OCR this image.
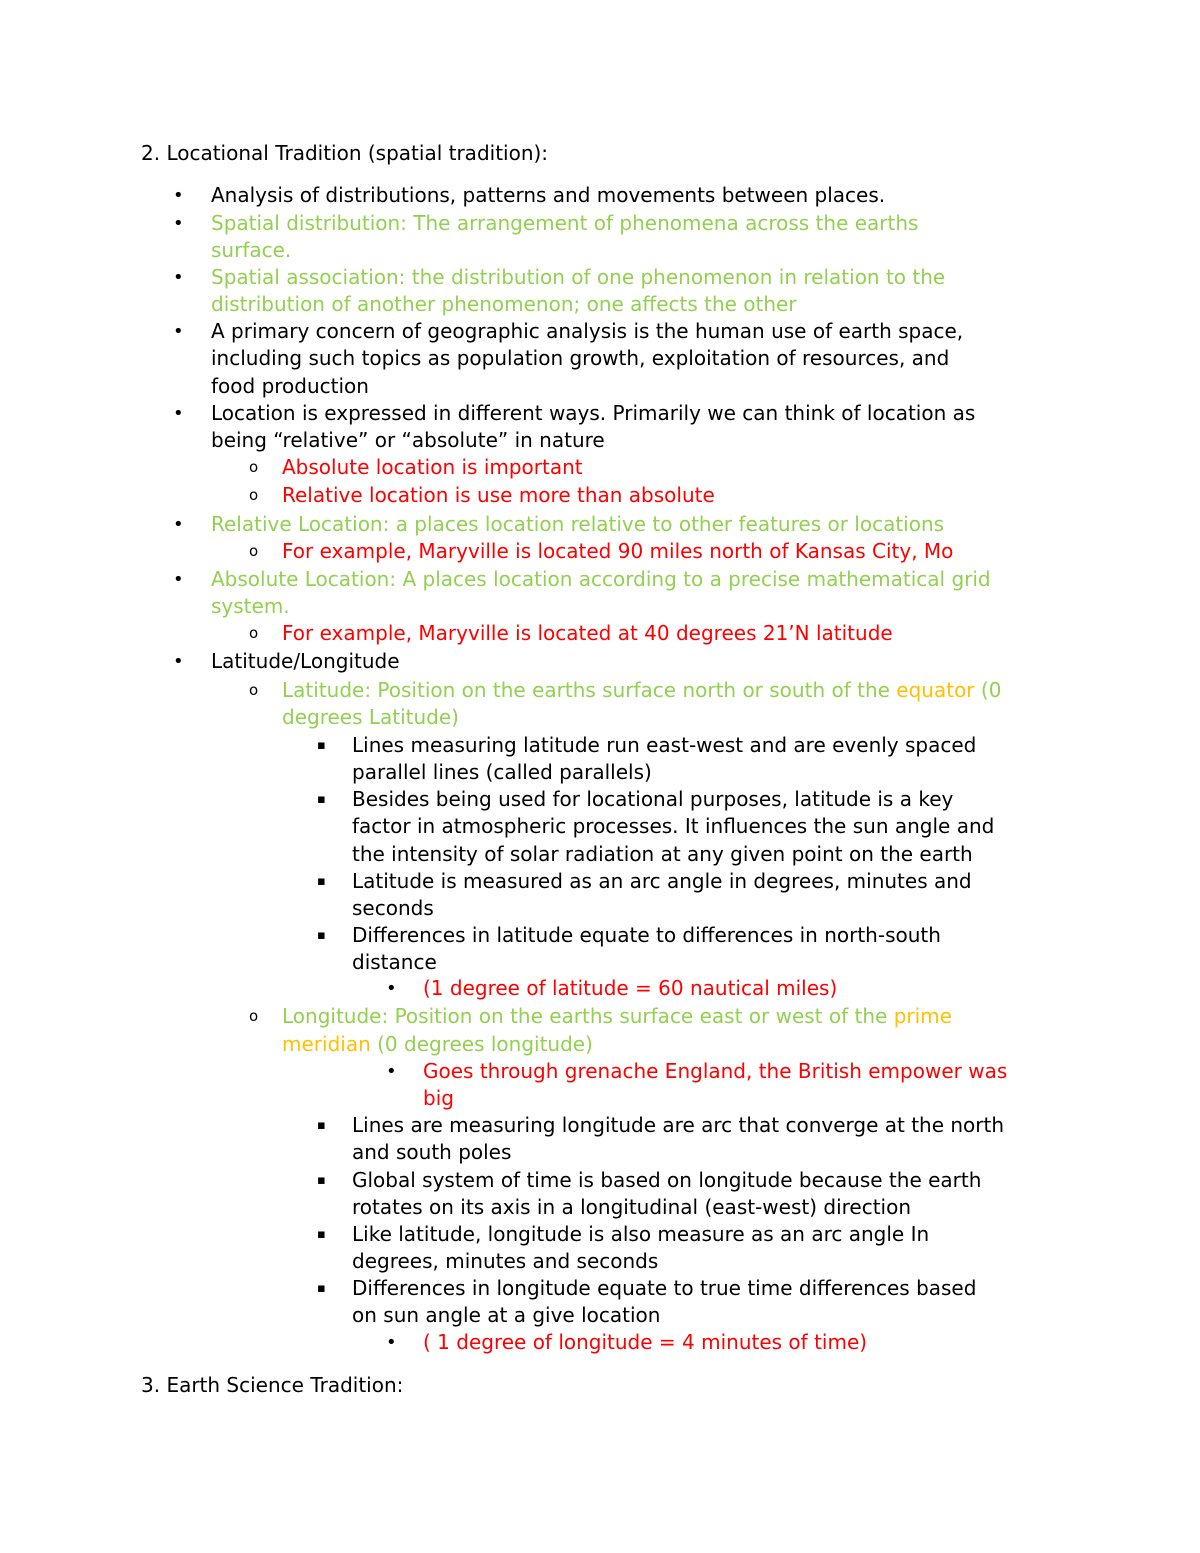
2. Locational Tradition (spatial tradition):
• Analysis of distributions, patterns and movements between places.
• Spatial distribution: The arrangement of phenomena across the earths
surface.
• Spatial association: the distribution of one phenomenon in relation to the
distribution of another phenomenon; one affects the other
• A primary concern of geographic analysis is the human use of earth space,
including such topics as population growth, exploitation of resources, and
food production
• Location is expressed in different ways. Primarily we can think of location as
being “relative” or “absolute” in nature
o Absolute location is important
o Relative location is use more than absolute
• Relative Location: a places location relative to other features or locations
o For example, Maryville is located 90 miles north of Kansas City, Mo
• Absolute Location: A places location according to a precise mathematical grid
system.
o For example, Maryville is located at 40 degrees 21’N latitude
• Latitude/Longitude
o Latitude: Position on the earths surface north or south of the equator (0
degrees Latitude)
▪ Lines measuring latitude run east-west and are evenly spaced
parallel lines (called parallels)
▪ Besides being used for locational purposes, latitude is a key
factor in atmospheric processes. It influences the sun angle and
the intensity of solar radiation at any given point on the earth
▪ Latitude is measured as an arc angle in degrees, minutes and
seconds
▪ Differences in latitude equate to differences in north-south
distance
• (1 degree of latitude = 60 nautical miles)
o Longitude: Position on the earths surface east or west of the prime
meridian (0 degrees longitude)
• Goes through grenache England, the British empower was
big
▪ Lines are measuring longitude are arc that converge at the north
and south poles
▪ Global system of time is based on longitude because the earth
rotates on its axis in a longitudinal (east-west) direction
▪ Like latitude, longitude is also measure as an arc angle In
degrees, minutes and seconds
▪ Differences in longitude equate to true time differences based
on sun angle at a give location
• ( 1 degree of longitude = 4 minutes of time)
3. Earth Science Tradition:
